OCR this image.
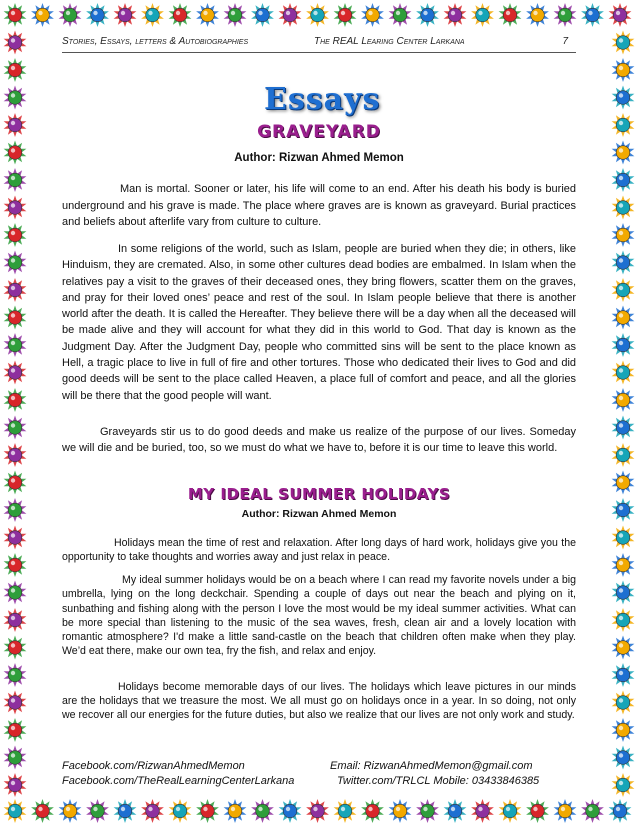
Stories, Essays, letters & Autobiographies	The REAL Learing Center Larkana	7
Essays
GRAVEYARD
Author: Rizwan Ahmed Memon
Man is mortal. Sooner or later, his life will come to an end. After his death his body is buried underground and his grave is made. The place where graves are is known as graveyard. Burial practices and beliefs about afterlife vary from culture to culture.
In some religions of the world, such as Islam, people are buried when they die; in others, like Hinduism, they are cremated. Also, in some other cultures dead bodies are embalmed. In Islam when the relatives pay a visit to the graves of their deceased ones, they bring flowers, scatter them on the graves, and pray for their loved ones’ peace and rest of the soul. In Islam people believe that there is another world after the death. It is called the Hereafter. They believe there will be a day when all the deceased will be made alive and they will account for what they did in this world to God. That day is known as the Judgment Day. After the Judgment Day, people who committed sins will be sent to the place known as Hell, a tragic place to live in full of fire and other tortures. Those who dedicated their lives to God and did good deeds will be sent to the place called Heaven, a place full of comfort and peace, and all the glories will be there that the good people will want.
Graveyards stir us to do good deeds and make us realize of the purpose of our lives. Someday we will die and be buried, too, so we must do what we have to, before it is our time to leave this world.
MY IDEAL SUMMER HOLIDAYS
Author: Rizwan Ahmed Memon
Holidays mean the time of rest and relaxation. After long days of hard work, holidays give you the opportunity to take thoughts and worries away and just relax in peace.
My ideal summer holidays would be on a beach where I can read my favorite novels under a big umbrella, lying on the long deckchair. Spending a couple of days out near the beach and plying on it, sunbathing and fishing along with the person I love the most would be my ideal summer activities. What can be more special than listening to the music of the sea waves, fresh, clean air and a lovely location with romantic atmosphere? I'd make a little sand-castle on the beach that children often make when they play. We’d eat there, make our own tea, fry the fish, and relax and enjoy.
Holidays become memorable days of our lives. The holidays which leave pictures in our minds are the holidays that we treasure the most. We all must go on holidays once in a year. In so doing, not only we recover all our energies for the future duties, but also we realize that our lives are not only work and study.
Facebook.com/RizwanAhmedMemon	Email: RizwanAhmedMemon@gmail.com
Facebook.com/TheRealLearningCenterLarkana	Twitter.com/TRLCL Mobile: 03433846385
